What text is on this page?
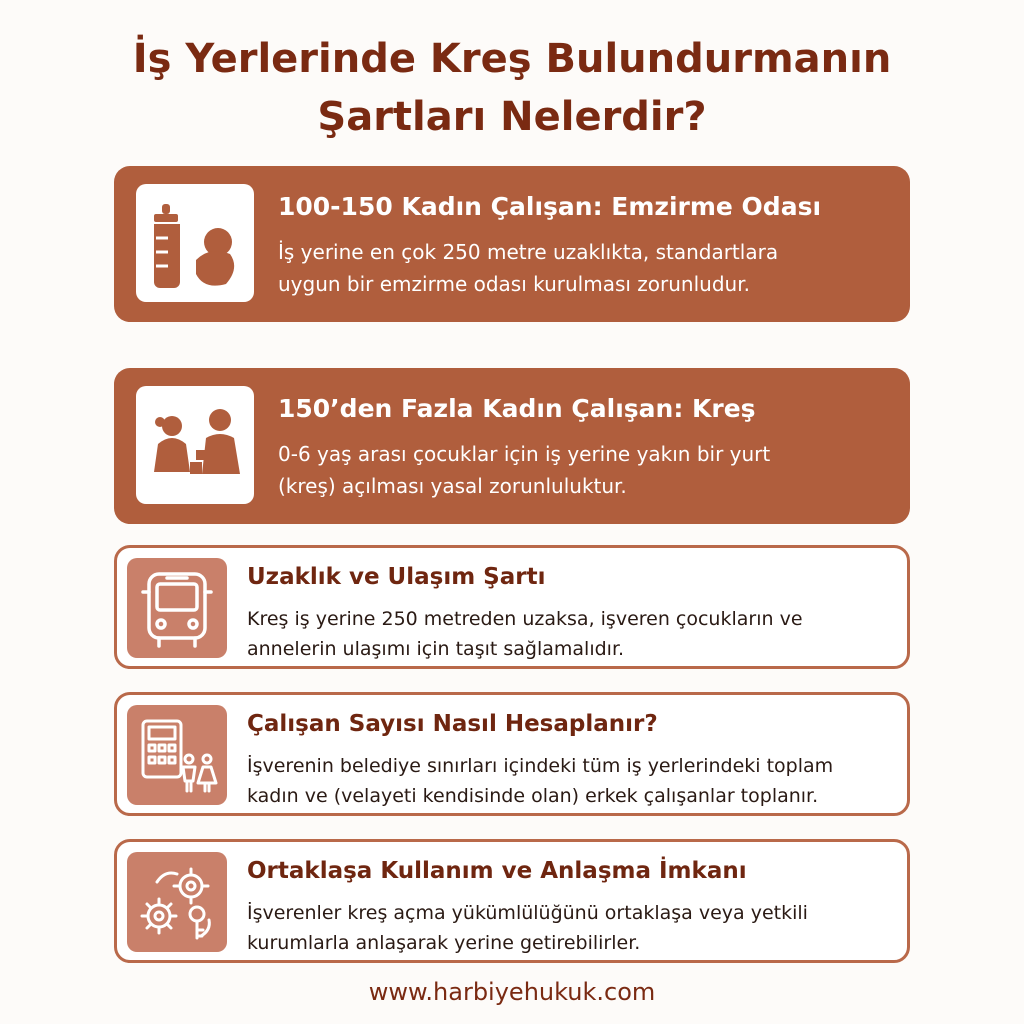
İş Yerlerinde Kreş Bulundurmanın
Şartları Nelerdir?
100-150 Kadın Çalışan: Emzirme Odası
İş yerine en çok 250 metre uzaklıkta, standartlara
uygun bir emzirme odası kurulması zorunludur.
150’den Fazla Kadın Çalışan: Kreş
0-6 yaş arası çocuklar için iş yerine yakın bir yurt
(kreş) açılması yasal zorunluluktur.
Uzaklık ve Ulaşım Şartı
Kreş iş yerine 250 metreden uzaksa, işveren çocukların ve
annelerin ulaşımı için taşıt sağlamalıdır.
Çalışan Sayısı Nasıl Hesaplanır?
İşverenin belediye sınırları içindeki tüm iş yerlerindeki toplam
kadın ve (velayeti kendisinde olan) erkek çalışanlar toplanır.
Ortaklaşa Kullanım ve Anlaşma İmkanı
İşverenler kreş açma yükümlülüğünü ortaklaşa veya yetkili
kurumlarla anlaşarak yerine getirebilirler.
www.harbiyehukuk.com
